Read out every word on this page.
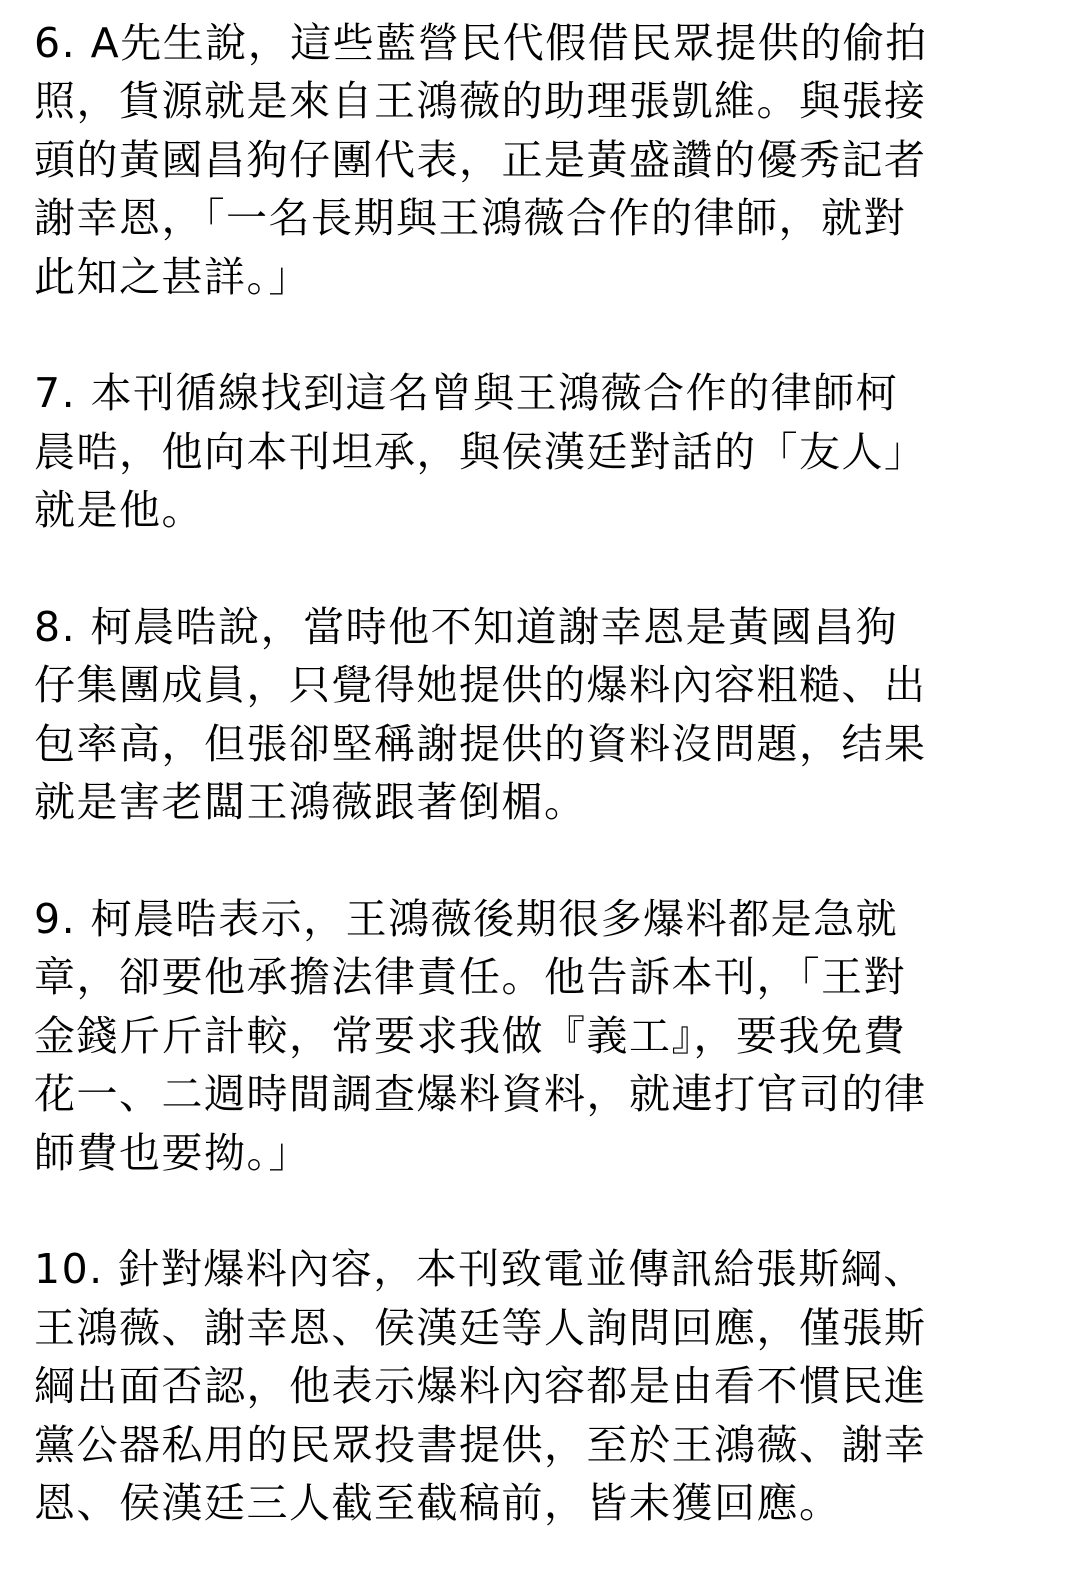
6. A先生說，這些藍營民代假借民眾提供的偷拍
照，貨源就是來自王鴻薇的助理張凱維。與張接
頭的黃國昌狗仔團代表，正是黃盛讚的優秀記者
謝幸恩，「一名長期與王鴻薇合作的律師，就對
此知之甚詳。」
7. 本刊循線找到這名曾與王鴻薇合作的律師柯
晨晧，他向本刊坦承，與侯漢廷對話的「友人」
就是他。
8. 柯晨晧說，當時他不知道謝幸恩是黃國昌狗
仔集團成員，只覺得她提供的爆料內容粗糙、出
包率高，但張卻堅稱謝提供的資料沒問題，结果
就是害老闆王鴻薇跟著倒楣。
9. 柯晨晧表示，王鴻薇後期很多爆料都是急就
章，卻要他承擔法律責任。他告訴本刊，「王對
金錢斤斤計較，常要求我做『義工』，要我免費
花一、二週時間調查爆料資料，就連打官司的律
師費也要拗。」
10. 針對爆料內容，本刊致電並傳訊給張斯綱、
王鴻薇、謝幸恩、侯漢廷等人詢問回應，僅張斯
綱出面否認，他表示爆料內容都是由看不慣民進
黨公器私用的民眾投書提供，至於王鴻薇、謝幸
恩、侯漢廷三人截至截稿前，皆未獲回應。
